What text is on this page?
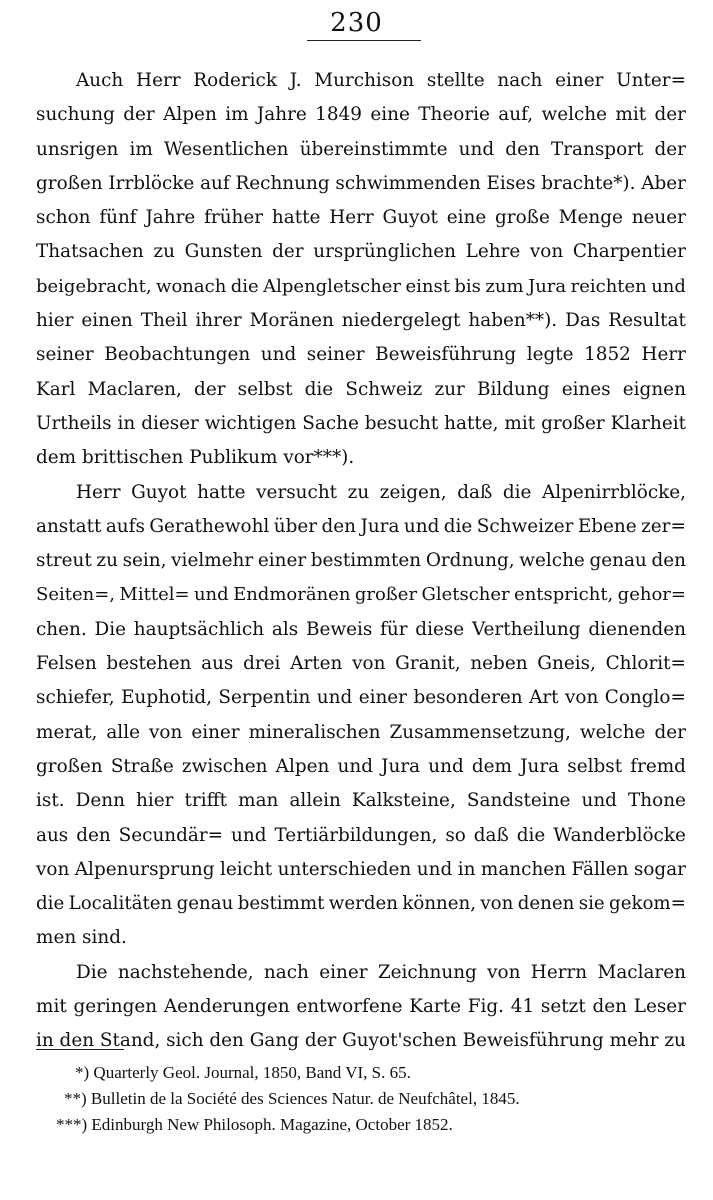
230
Auch Herr Roderick J. Murchison stellte nach einer Unter=
suchung der Alpen im Jahre 1849 eine Theorie auf, welche mit der
unsrigen im Wesentlichen übereinstimmte und den Transport der
großen Irrblöcke auf Rechnung schwimmenden Eises brachte*). Aber
schon fünf Jahre früher hatte Herr Guyot eine große Menge neuer
Thatsachen zu Gunsten der ursprünglichen Lehre von Charpentier
beigebracht, wonach die Alpengletscher einst bis zum Jura reichten und
hier einen Theil ihrer Moränen niedergelegt haben**). Das Resultat
seiner Beobachtungen und seiner Beweisführung legte 1852 Herr
Karl Maclaren, der selbst die Schweiz zur Bildung eines eignen
Urtheils in dieser wichtigen Sache besucht hatte, mit großer Klarheit
dem brittischen Publikum vor***).
Herr Guyot hatte versucht zu zeigen, daß die Alpenirrblöcke,
anstatt aufs Gerathewohl über den Jura und die Schweizer Ebene zer=
streut zu sein, vielmehr einer bestimmten Ordnung, welche genau den
Seiten=, Mittel= und Endmoränen großer Gletscher entspricht, gehor=
chen. Die hauptsächlich als Beweis für diese Vertheilung dienenden
Felsen bestehen aus drei Arten von Granit, neben Gneis, Chlorit=
schiefer, Euphotid, Serpentin und einer besonderen Art von Conglo=
merat, alle von einer mineralischen Zusammensetzung, welche der
großen Straße zwischen Alpen und Jura und dem Jura selbst fremd
ist. Denn hier trifft man allein Kalksteine, Sandsteine und Thone
aus den Secundär= und Tertiärbildungen, so daß die Wanderblöcke
von Alpenursprung leicht unterschieden und in manchen Fällen sogar
die Localitäten genau bestimmt werden können, von denen sie gekom=
men sind.
Die nachstehende, nach einer Zeichnung von Herrn Maclaren
mit geringen Aenderungen entworfene Karte Fig. 41 setzt den Leser
in den Stand, sich den Gang der Guyot'schen Beweisführung mehr zu
*) Quarterly Geol. Journal, 1850, Band VI, S. 65.
**) Bulletin de la Société des Sciences Natur. de Neufchâtel, 1845.
***) Edinburgh New Philosoph. Magazine, October 1852.
